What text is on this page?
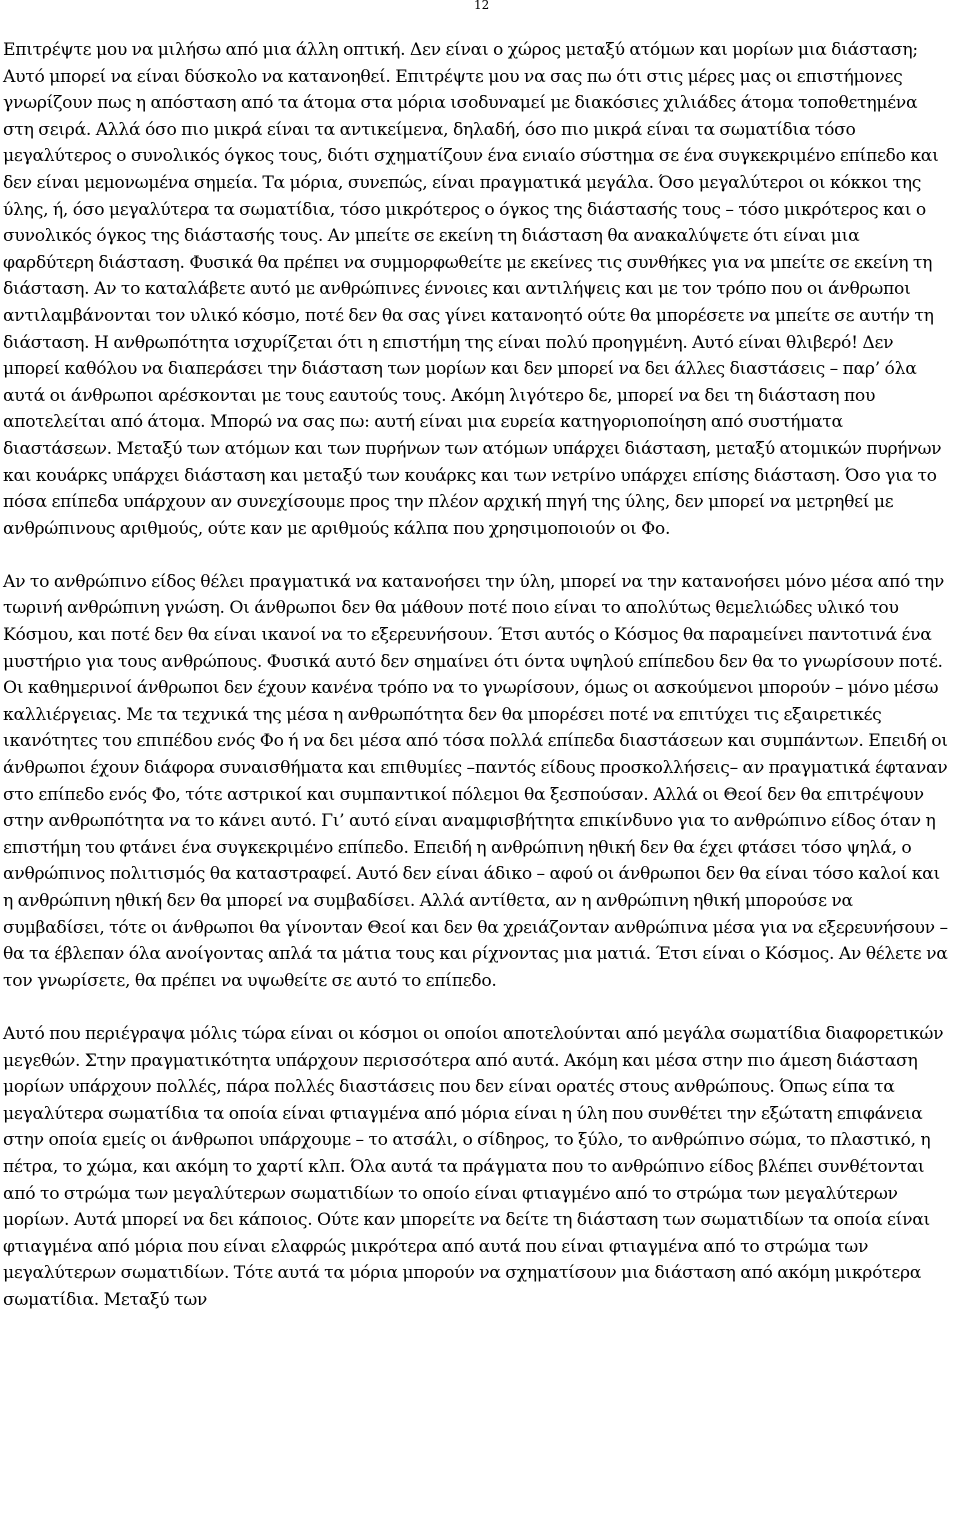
12

Επιτρέψτε μου να μιλήσω από μια άλλη οπτική. Δεν είναι ο χώρος μεταξύ ατόμων και μορίων μια διάσταση; Αυτό μπορεί να είναι δύσκολο να κατανοηθεί. Επιτρέψτε μου να σας πω ότι στις μέρες μας οι επιστήμονες γνωρίζουν πως η απόσταση από τα άτομα στα μόρια ισοδυναμεί με διακόσιες χιλιάδες άτομα τοποθετημένα στη σειρά. Αλλά όσο πιο μικρά είναι τα αντικείμενα, δηλαδή, όσο πιο μικρά είναι τα σωματίδια τόσο μεγαλύτερος ο συνολικός όγκος τους, διότι σχηματίζουν ένα ενιαίο σύστημα σε ένα συγκεκριμένο επίπεδο και δεν είναι μεμονωμένα σημεία. Τα μόρια, συνεπώς, είναι πραγματικά μεγάλα. Όσο μεγαλύτεροι οι κόκκοι της ύλης, ή, όσο μεγαλύτερα τα σωματίδια, τόσο μικρότερος ο όγκος της διάστασής τους – τόσο μικρότερος και ο συνολικός όγκος της διάστασής τους. Αν μπείτε σε εκείνη τη διάσταση θα ανακαλύψετε ότι είναι μια φαρδύτερη διάσταση. Φυσικά θα πρέπει να συμμορφωθείτε με εκείνες τις συνθήκες για να μπείτε σε εκείνη τη διάσταση. Αν το καταλάβετε αυτό με ανθρώπινες έννοιες και αντιλήψεις και με τον τρόπο που οι άνθρωποι αντιλαμβάνονται τον υλικό κόσμο, ποτέ δεν θα σας γίνει κατανοητό ούτε θα μπορέσετε να μπείτε σε αυτήν τη διάσταση. Η ανθρωπότητα ισχυρίζεται ότι η επιστήμη της είναι πολύ προηγμένη. Αυτό είναι θλιβερό! Δεν μπορεί καθόλου να διαπεράσει την διάσταση των μορίων και δεν μπορεί να δει άλλες διαστάσεις – παρ’ όλα αυτά οι άνθρωποι αρέσκονται με τους εαυτούς τους. Ακόμη λιγότερο δε, μπορεί να δει τη διάσταση που αποτελείται από άτομα. Μπορώ να σας πω: αυτή είναι μια ευρεία κατηγοριοποίηση από συστήματα διαστάσεων. Μεταξύ των ατόμων και των πυρήνων των ατόμων υπάρχει διάσταση, μεταξύ ατομικών πυρήνων και κουάρκς υπάρχει διάσταση και μεταξύ των κουάρκς και των νετρίνο υπάρχει επίσης διάσταση. Όσο για το πόσα επίπεδα υπάρχουν αν συνεχίσουμε προς την πλέον αρχική πηγή της ύλης, δεν μπορεί να μετρηθεί με ανθρώπινους αριθμούς, ούτε καν με αριθμούς κάλπα που χρησιμοποιούν οι Φο.

Αν το ανθρώπινο είδος θέλει πραγματικά να κατανοήσει την ύλη, μπορεί να την κατανοήσει μόνο μέσα από την τωρινή ανθρώπινη γνώση. Οι άνθρωποι δεν θα μάθουν ποτέ ποιο είναι το απολύτως θεμελιώδες υλικό του Κόσμου, και ποτέ δεν θα είναι ικανοί να το εξερευνήσουν. Έτσι αυτός ο Κόσμος θα παραμείνει παντοτινά ένα μυστήριο για τους ανθρώπους. Φυσικά αυτό δεν σημαίνει ότι όντα υψηλού επίπεδου δεν θα το γνωρίσουν ποτέ. Οι καθημερινοί άνθρωποι δεν έχουν κανένα τρόπο να το γνωρίσουν, όμως οι ασκούμενοι μπορούν – μόνο μέσω καλλιέργειας. Με τα τεχνικά της μέσα η ανθρωπότητα δεν θα μπορέσει ποτέ να επιτύχει τις εξαιρετικές ικανότητες του επιπέδου ενός Φο ή να δει μέσα από τόσα πολλά επίπεδα διαστάσεων και συμπάντων. Επειδή οι άνθρωποι έχουν διάφορα συναισθήματα και επιθυμίες –παντός είδους προσκολλήσεις– αν πραγματικά έφταναν στο επίπεδο ενός Φο, τότε αστρικοί και συμπαντικοί πόλεμοι θα ξεσπούσαν. Αλλά οι Θεοί δεν θα επιτρέψουν στην ανθρωπότητα να το κάνει αυτό. Γι’ αυτό είναι αναμφισβήτητα επικίνδυνο για το ανθρώπινο είδος όταν η επιστήμη του φτάνει ένα συγκεκριμένο επίπεδο. Επειδή η ανθρώπινη ηθική δεν θα έχει φτάσει τόσο ψηλά, ο ανθρώπινος πολιτισμός θα καταστραφεί. Αυτό δεν είναι άδικο – αφού οι άνθρωποι δεν θα είναι τόσο καλοί και η ανθρώπινη ηθική δεν θα μπορεί να συμβαδίσει. Αλλά αντίθετα, αν η ανθρώπινη ηθική μπορούσε να συμβαδίσει, τότε οι άνθρωποι θα γίνονταν Θεοί και δεν θα χρειάζονταν ανθρώπινα μέσα για να εξερευνήσουν – θα τα έβλεπαν όλα ανοίγοντας απλά τα μάτια τους και ρίχνοντας μια ματιά. Έτσι είναι ο Κόσμος. Αν θέλετε να τον γνωρίσετε, θα πρέπει να υψωθείτε σε αυτό το επίπεδο.

Αυτό που περιέγραψα μόλις τώρα είναι οι κόσμοι οι οποίοι αποτελούνται από μεγάλα σωματίδια διαφορετικών μεγεθών. Στην πραγματικότητα υπάρχουν περισσότερα από αυτά. Ακόμη και μέσα στην πιο άμεση διάσταση μορίων υπάρχουν πολλές, πάρα πολλές διαστάσεις που δεν είναι ορατές στους ανθρώπους. Όπως είπα τα μεγαλύτερα σωματίδια τα οποία είναι φτιαγμένα από μόρια είναι η ύλη που συνθέτει την εξώτατη επιφάνεια στην οποία εμείς οι άνθρωποι υπάρχουμε – το ατσάλι, ο σίδηρος, το ξύλο, το ανθρώπινο σώμα, το πλαστικό, η πέτρα, το χώμα, και ακόμη το χαρτί κλπ. Όλα αυτά τα πράγματα που το ανθρώπινο είδος βλέπει συνθέτονται από το στρώμα των μεγαλύτερων σωματιδίων το οποίο είναι φτιαγμένο από το στρώμα των μεγαλύτερων μορίων. Αυτά μπορεί να δει κάποιος. Ούτε καν μπορείτε να δείτε τη διάσταση των σωματιδίων τα οποία είναι φτιαγμένα από μόρια που είναι ελαφρώς μικρότερα από αυτά που είναι φτιαγμένα από το στρώμα των μεγαλύτερων σωματιδίων. Τότε αυτά τα μόρια μπορούν να σχηματίσουν μια διάσταση από ακόμη μικρότερα σωματίδια. Μεταξύ των
